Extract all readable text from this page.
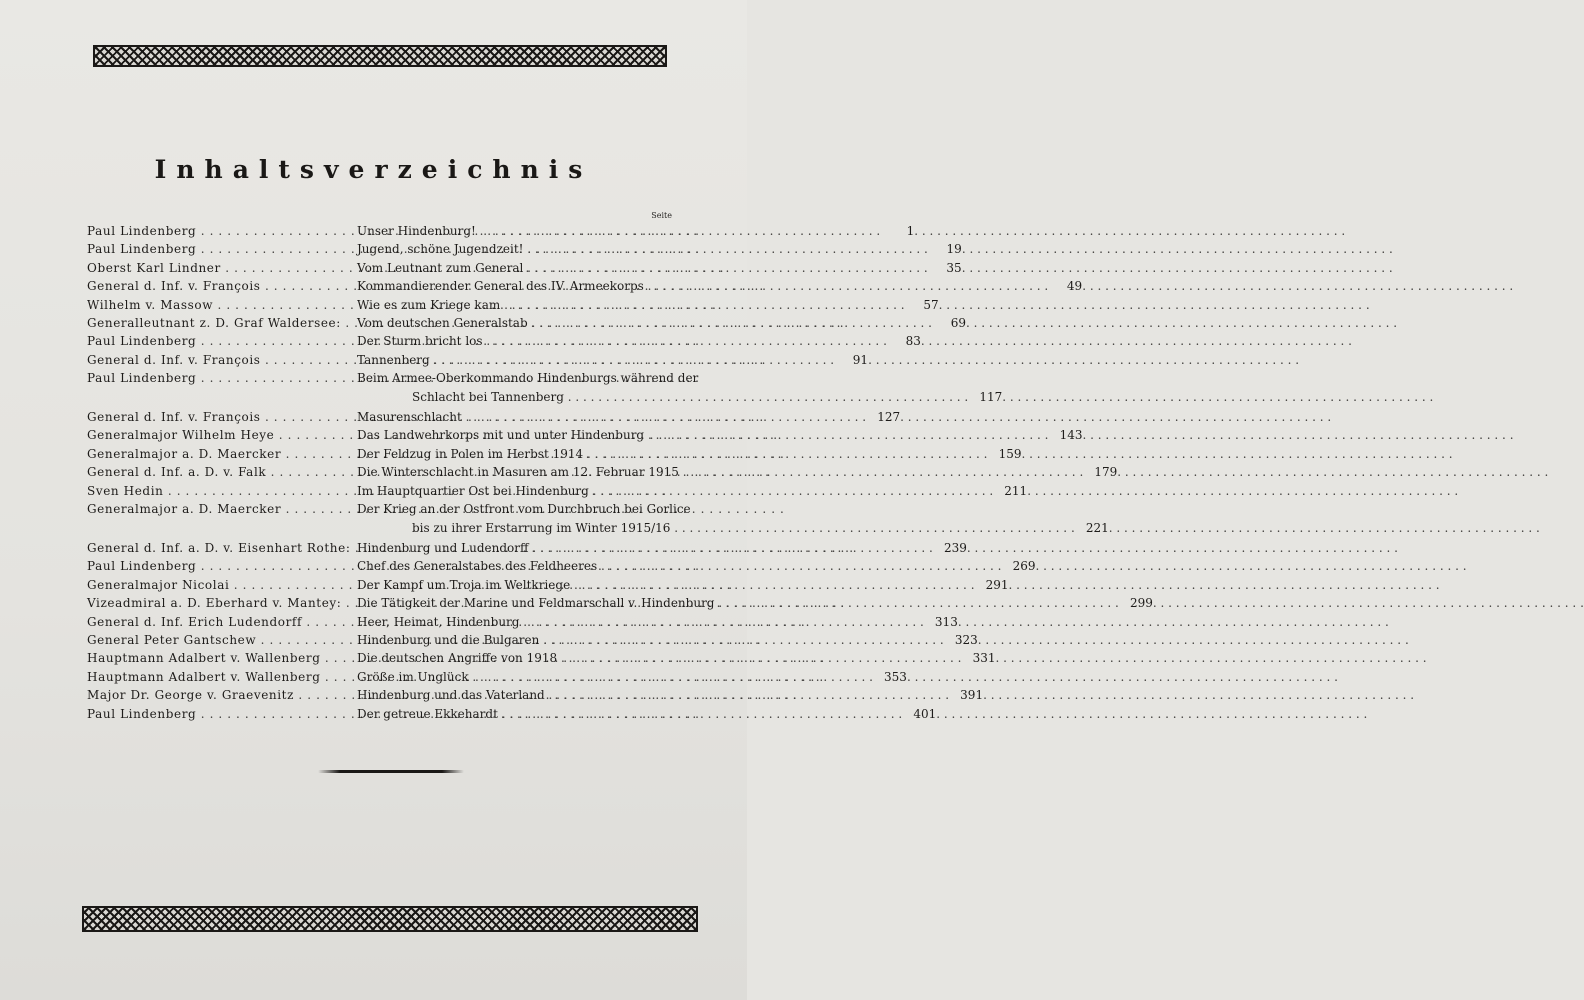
Inhaltsverzeichnis
Seite
Paul Lindenberg . . .	Unser Hindenburg! . . .	1
. . .
Paul Lindenberg . . .	Jugend, schöne Jugendzeit! . . .	19
. . .
Oberst Karl Lindner . . .	Vom Leutnant zum General . . .	35
. . .
General d. Inf. v. François . . .	Kommandierender General des IV. Armeekorps . . .	49
. . .
Wilhelm v. Massow . . .	Wie es zum Kriege kam . . .	57
. . .
Generalleutnant z. D. Graf Waldersee: . . .	Vom deutschen Generalstab . . .	69
. . .
Paul Lindenberg . . .	Der Sturm bricht los . . .	83
. . .
General d. Inf. v. François . . .	Tannenberg . . .	91
. . .
Paul Lindenberg . . .	Beim Armee-Oberkommando Hindenburgs während der
Schlacht bei Tannenberg . . .	117
. . .
General d. Inf. v. François . . .	Masurenschlacht . . .	127
. . .
Generalmajor Wilhelm Heye . . .	Das Landwehrkorps mit und unter Hindenburg . . .	143
. . .
Generalmajor a. D. Maercker . . .	Der Feldzug in Polen im Herbst 1914 . . .	159
. . .
General d. Inf. a. D. v. Falk . . .	Die Winterschlacht in Masuren am 12. Februar 1915 . . .	179
. . .
Sven Hedin . . .	Im Hauptquartier Ost bei Hindenburg . . .	211
. . .
Generalmajor a. D. Maercker . . .	Der Krieg an der Ostfront vom Durchbruch bei Gorlice
bis zu ihrer Erstarrung im Winter 1915/16 . . .	221
. . .
General d. Inf. a. D. v. Eisenhart Rothe: . . . Hindenburg und Ludendorff . . .	239
. . .
Paul Lindenberg . . .	Chef des Generalstabes des Feldheeres . . .	269
. . .
Generalmajor Nicolai . . .	Der Kampf um Troja im Weltkriege . . .	291
. . .
Vizeadmiral a. D. Eberhard v. Mantey: . . .	Die Tätigkeit der Marine und Feldmarschall v. Hindenburg . . .	299
. . .
General d. Inf. Erich Ludendorff . . .	Heer, Heimat, Hindenburg . . .	313
. . .
General Peter Gantschew . . .	Hindenburg und die Bulgaren . . .	323
. . .
Hauptmann Adalbert v. Wallenberg . . .	Die deutschen Angriffe von 1918 . . .	331
. . .
Hauptmann Adalbert v. Wallenberg . . .	Größe im Unglück . . .	353
. . .
Major Dr. George v. Graevenitz . . .	Hindenburg und das Vaterland . . .	391
. . .
Paul Lindenberg . . .	Der getreue Ekkehardt . . .	401
. . .
